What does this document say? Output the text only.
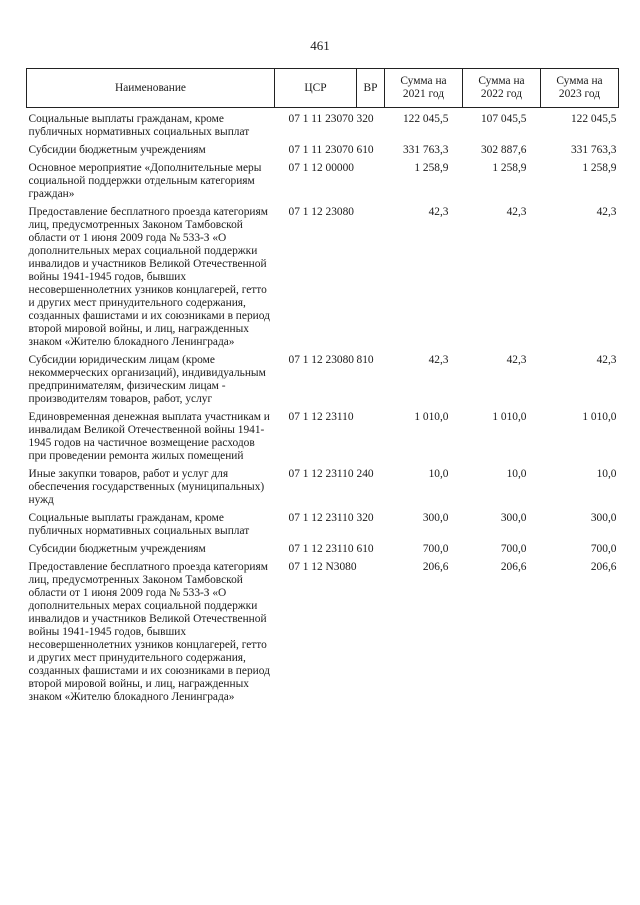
461
Наименование	ЦСР	ВР	Сумма на 2021 год	Сумма на 2022 год	Сумма на 2023 год
Социальные выплаты гражданам, кроме публичных нормативных социальных выплат	07 1 11 23070	320	122 045,5	107 045,5	122 045,5
Субсидии бюджетным учреждениям	07 1 11 23070	610	331 763,3	302 887,6	331 763,3
Основное мероприятие «Дополнительные меры социальной поддержки отдельным категориям граждан»	07 1 12 00000		1 258,9	1 258,9	1 258,9
Предоставление бесплатного проезда категориям лиц, предусмотренных Законом Тамбовской области от 1 июня 2009 года № 533-З «О дополнительных мерах социальной поддержки инвалидов и участников Великой Отечественной войны 1941-1945 годов, бывших несовершеннолетних узников концлагерей, гетто и других мест принудительного содержания, созданных фашистами и их союзниками в период второй мировой войны, и лиц, награжденных знаком «Жителю блокадного Ленинграда»	07 1 12 23080		42,3	42,3	42,3
Субсидии юридическим лицам (кроме некоммерческих организаций), индивидуальным предпринимателям, физическим лицам - производителям товаров, работ, услуг	07 1 12 23080	810	42,3	42,3	42,3
Единовременная денежная выплата участникам и инвалидам Великой Отечественной войны 1941-1945 годов на частичное возмещение расходов при проведении ремонта жилых помещений	07 1 12 23110		1 010,0	1 010,0	1 010,0
Иные закупки товаров, работ и услуг для обеспечения государственных (муниципальных) нужд	07 1 12 23110	240	10,0	10,0	10,0
Социальные выплаты гражданам, кроме публичных нормативных социальных выплат	07 1 12 23110	320	300,0	300,0	300,0
Субсидии бюджетным учреждениям	07 1 12 23110	610	700,0	700,0	700,0
Предоставление бесплатного проезда категориям лиц, предусмотренных Законом Тамбовской области от 1 июня 2009 года № 533-З «О дополнительных мерах социальной поддержки инвалидов и участников Великой Отечественной войны 1941-1945 годов, бывших несовершеннолетних узников концлагерей, гетто и других мест принудительного содержания, созданных фашистами и их союзниками в период второй мировой войны, и лиц, награжденных знаком «Жителю блокадного Ленинграда»	07 1 12 N3080		206,6	206,6	206,6
